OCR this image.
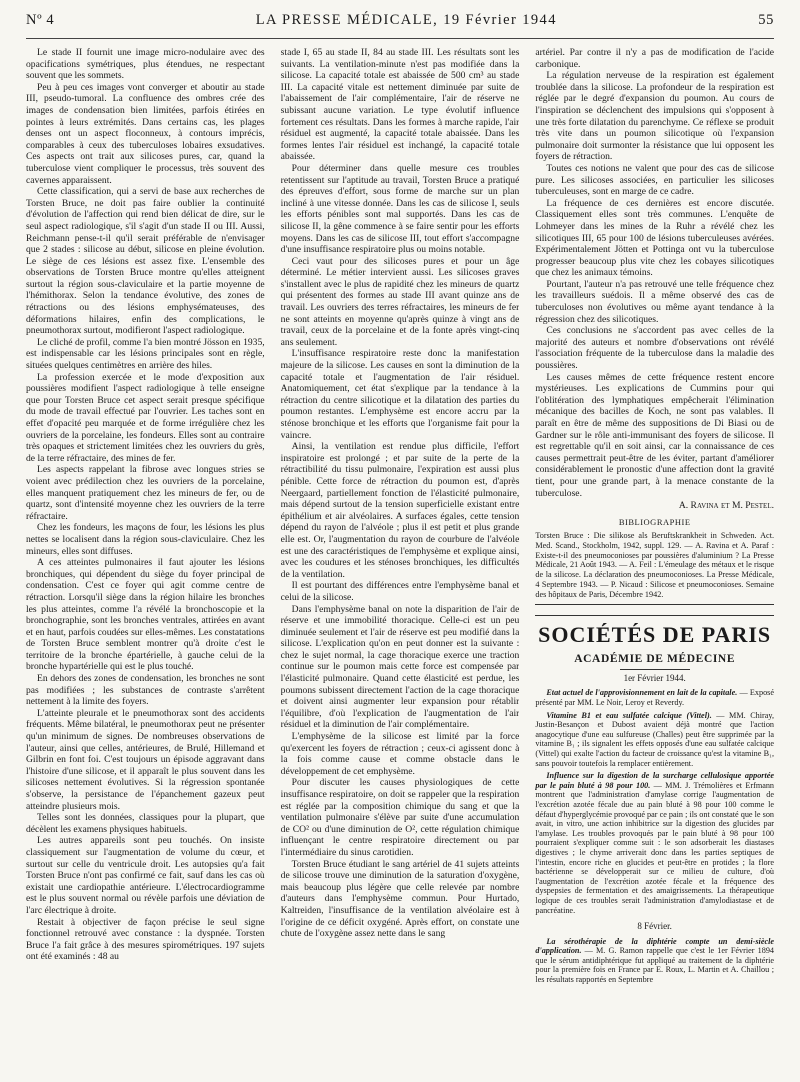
Nº 4	LA PRESSE MÉDICALE, 19 Février 1944	55

Le stade II fournit une image micro-nodulaire avec des opacifications symétriques, plus étendues, ne respectant souvent que les sommets.

Peu à peu ces images vont converger et aboutir au stade III, pseudo-tumoral. La confluence des ombres crée des images de condensation bien limitées, parfois étirées en pointes à leurs extrémités. Dans certains cas, les plages denses ont un aspect floconneux, à contours imprécis, comparables à ceux des tuberculoses lobaires exsudatives. Ces aspects ont trait aux silicoses pures, car, quand la tuberculose vient compliquer le processus, très souvent des cavernes apparaissent.

Cette classification, qui a servi de base aux recherches de Torsten Bruce, ne doit pas faire oublier la continuité d'évolution de l'affection qui rend bien délicat de dire, sur le seul aspect radiologique, s'il s'agit d'un stade II ou III. Aussi, Reichmann pense-t-il qu'il serait préférable de n'envisager que 2 stades : silicose au début, silicose en pleine évolution. Le siège de ces lésions est assez fixe. L'ensemble des observations de Torsten Bruce montre qu'elles atteignent surtout la région sous-claviculaire et la partie moyenne de l'hémithorax. Selon la tendance évolutive, des zones de rétractions ou des lésions emphysémateuses, des déformations hilaires, enfin des complications, le pneumothorax surtout, modifieront l'aspect radiologique.

Le cliché de profil, comme l'a bien montré Jösson en 1935, est indispensable car les lésions principales sont en règle, situées quelques centimètres en arrière des hiles.

La profession exercée et le mode d'exposition aux poussières modifient l'aspect radiologique à telle enseigne que pour Torsten Bruce cet aspect serait presque spécifique du mode de travail effectué par l'ouvrier. Les taches sont en effet d'opacité peu marquée et de forme irrégulière chez les ouvriers de la porcelaine, les fondeurs. Elles sont au contraire très opaques et strictement limitées chez les ouvriers du grès, de la terre réfractaire, des mines de fer.

Les aspects rappelant la fibrose avec longues stries se voient avec prédilection chez les ouvriers de la porcelaine, elles manquent pratiquement chez les mineurs de fer, ou de quartz, sont d'intensité moyenne chez les ouvriers de la terre réfractaire.

Chez les fondeurs, les maçons de four, les lésions les plus nettes se localisent dans la région sous-claviculaire. Chez les mineurs, elles sont diffuses.

A ces atteintes pulmonaires il faut ajouter les lésions bronchiques, qui dépendent du siège du foyer principal de condensation. C'est ce foyer qui agit comme centre de rétraction. Lorsqu'il siège dans la région hilaire les bronches les plus atteintes, comme l'a révélé la bronchoscopie et la bronchographie, sont les bronches ventrales, attirées en avant et en haut, parfois coudées sur elles-mêmes. Les constatations de Torsten Bruce semblent montrer qu'à droite c'est le territoire de la bronche épartérielle, à gauche celui de la bronche hypartérielle qui est le plus touché.

En dehors des zones de condensation, les bronches ne sont pas modifiées ; les substances de contraste s'arrêtent nettement à la limite des foyers.

L'atteinte pleurale et le pneumothorax sont des accidents fréquents. Même bilatéral, le pneumothorax peut ne présenter qu'un minimum de signes. De nombreuses observations de l'auteur, ainsi que celles, antérieures, de Brulé, Hillemand et Gilbrin en font foi. C'est toujours un épisode aggravant dans l'histoire d'une silicose, et il apparaît le plus souvent dans les silicoses nettement évolutives. Si la régression spontanée s'observe, la persistance de l'épanchement gazeux peut atteindre plusieurs mois.

Telles sont les données, classiques pour la plupart, que décèlent les examens physiques habituels.

Les autres appareils sont peu touchés. On insiste classiquement sur l'augmentation de volume du cœur, et surtout sur celle du ventricule droit. Les autopsies qu'a fait Torsten Bruce n'ont pas confirmé ce fait, sauf dans les cas où existait une cardiopathie antérieure. L'électrocardiogramme est le plus souvent normal ou révèle parfois une déviation de l'arc électrique à droite.

Restait à objectiver de façon précise le seul signe fonctionnel retrouvé avec constance : la dyspnée. Torsten Bruce l'a fait grâce à des mesures spirométriques. 197 sujets ont été examinés : 48 au

stade I, 65 au stade II, 84 au stade III. Les résultats sont les suivants. La ventilation-minute n'est pas modifiée dans la silicose. La capacité totale est abaissée de 500 cm³ au stade III. La capacité vitale est nettement diminuée par suite de l'abaissement de l'air complémentaire, l'air de réserve ne subissant aucune variation. Le type évolutif influence fortement ces résultats. Dans les formes à marche rapide, l'air résiduel est augmenté, la capacité totale abaissée. Dans les formes lentes l'air résiduel est inchangé, la capacité totale abaissée.

Pour déterminer dans quelle mesure ces troubles retentissent sur l'aptitude au travail, Torsten Bruce a pratiqué des épreuves d'effort, sous forme de marche sur un plan incliné à une vitesse donnée. Dans les cas de silicose I, seuls les efforts pénibles sont mal supportés. Dans les cas de silicose II, la gêne commence à se faire sentir pour les efforts moyens. Dans les cas de silicose III, tout effort s'accompagne d'une insuffisance respiratoire plus ou moins notable.

Ceci vaut pour des silicoses pures et pour un âge déterminé. Le métier intervient aussi. Les silicoses graves s'installent avec le plus de rapidité chez les mineurs de quartz qui présentent des formes au stade III avant quinze ans de travail. Les ouvriers des terres réfractaires, les mineurs de fer ne sont atteints en moyenne qu'après quinze à vingt ans de travail, ceux de la porcelaine et de la fonte après vingt-cinq ans seulement.

L'insuffisance respiratoire reste donc la manifestation majeure de la silicose. Les causes en sont la diminution de la capacité totale et l'augmentation de l'air résiduel. Anatomiquement, cet état s'explique par la tendance à la rétraction du centre silicotique et la dilatation des parties du poumon restantes. L'emphysème est encore accru par la sténose bronchique et les efforts que l'organisme fait pour la vaincre.

Ainsi, la ventilation est rendue plus difficile, l'effort inspiratoire est prolongé ; et par suite de la perte de la rétractibilité du tissu pulmonaire, l'expiration est aussi plus pénible. Cette force de rétraction du poumon est, d'après Neergaard, partiellement fonction de l'élasticité pulmonaire, mais dépend surtout de la tension superficielle existant entre épithélium et air alvéolaires. A surfaces égales, cette tension dépend du rayon de l'alvéole ; plus il est petit et plus grande elle est. Or, l'augmentation du rayon de courbure de l'alvéole est une des caractéristiques de l'emphysème et explique ainsi, avec les coudures et les sténoses bronchiques, les difficultés de la ventilation.

Il est pourtant des différences entre l'emphysème banal et celui de la silicose.

Dans l'emphysème banal on note la disparition de l'air de réserve et une immobilité thoracique. Celle-ci est un peu diminuée seulement et l'air de réserve est peu modifié dans la silicose. L'explication qu'on en peut donner est la suivante : chez le sujet normal, la cage thoracique exerce une traction continue sur le poumon mais cette force est compensée par l'élasticité pulmonaire. Quand cette élasticité est perdue, les poumons subissent directement l'action de la cage thoracique et doivent ainsi augmenter leur expansion pour rétablir l'équilibre, d'où l'explication de l'augmentation de l'air résiduel et la diminution de l'air complémentaire.

L'emphysème de la silicose est limité par la force qu'exercent les foyers de rétraction ; ceux-ci agissent donc à la fois comme cause et comme obstacle dans le développement de cet emphysème.

Pour discuter les causes physiologiques de cette insuffisance respiratoire, on doit se rappeler que la respiration est réglée par la composition chimique du sang et que la ventilation pulmonaire s'élève par suite d'une accumulation de CO² ou d'une diminution de O², cette régulation chimique influençant le centre respiratoire directement ou par l'intermédiaire du sinus carotidien.

Torsten Bruce étudiant le sang artériel de 41 sujets atteints de silicose trouve une diminution de la saturation d'oxygène, mais beaucoup plus légère que celle relevée par nombre d'auteurs dans l'emphysème commun. Pour Hurtado, Kaltreiden, l'insuffisance de la ventilation alvéolaire est à l'origine de ce déficit oxygéné. Après effort, on constate une chute de l'oxygène assez nette dans le sang

artériel. Par contre il n'y a pas de modification de l'acide carbonique.

La régulation nerveuse de la respiration est également troublée dans la silicose. La profondeur de la respiration est réglée par le degré d'expansion du poumon. Au cours de l'inspiration se déclenchent des impulsions qui s'opposent à une très forte dilatation du parenchyme. Ce réflexe se produit très vite dans un poumon silicotique où l'expansion pulmonaire doit surmonter la résistance que lui opposent les foyers de rétraction.

Toutes ces notions ne valent que pour des cas de silicose pure. Les silicoses associées, en particulier les silicoses tuberculeuses, sont en marge de ce cadre.

La fréquence de ces dernières est encore discutée. Classiquement elles sont très communes. L'enquête de Lohmeyer dans les mines de la Ruhr a révélé chez les silicotiques III, 65 pour 100 de lésions tuberculeuses avérées. Expérimentalement Jötten et Pottinga ont vu la tuberculose progresser beaucoup plus vite chez les cobayes silicotiques que chez les animaux témoins.

Pourtant, l'auteur n'a pas retrouvé une telle fréquence chez les travailleurs suédois. Il a même observé des cas de tuberculoses non évolutives ou même ayant tendance à la régression chez des silicotiques.

Ces conclusions ne s'accordent pas avec celles de la majorité des auteurs et nombre d'observations ont révélé l'association fréquente de la tuberculose dans la maladie des poussières.

Les causes mêmes de cette fréquence restent encore mystérieuses. Les explications de Cummins pour qui l'oblitération des lymphatiques empêcherait l'élimination mécanique des bacilles de Koch, ne sont pas valables. Il paraît en être de même des suppositions de Di Biasi ou de Gardner sur le rôle anti-immunisant des foyers de silicose. Il est regrettable qu'il en soit ainsi, car la connaissance de ces causes permettrait peut-être de les éviter, partant d'améliorer considérablement le pronostic d'une affection dont la gravité tient, pour une grande part, à la menace constante de la tuberculose.

A. Ravina et M. Pestel.

BIBLIOGRAPHIE

Torsten Bruce : Die silikose als Beruftskrankheit in Schweden. Act. Med. Scand., Stockholm, 1942, suppl. 129. — A. Ravina et A. Paraf : Existe-t-il des pneumoconioses par poussières d'aluminium ? La Presse Médicale, 21 Août 1943. — A. Feil : L'émeulage des métaux et le risque de la silicose. La déclaration des pneumoconioses. La Presse Médicale, 4 Septembre 1943. — P. Nicaud : Silicose et pneumoconioses. Semaine des hôpitaux de Paris, Décembre 1942.

SOCIÉTÉS DE PARIS
ACADÉMIE DE MÉDECINE
1er Février 1944.

Etat actuel de l'approvisionnement en lait de la capitale. — Exposé présenté par MM. Le Noir, Leroy et Reverdy.

Vitamine B1 et eau sulfatée calcique (Vittel). — MM. Chiray, Justin-Besançon et Dubost avaient déjà montré que l'action anagocytique d'une eau sulfureuse (Challes) peut être supprimée par la vitamine B₁ ; ils signalent les effets opposés d'une eau sulfatée calcique (Vittel) qui exalte l'action du facteur de croissance qu'est la vitamine B₁, sans pouvoir toutefois la remplacer entièrement.

Influence sur la digestion de la surcharge cellulosique apportée par le pain bluté à 98 pour 100. — MM. J. Trémolières et Erfmann montrent que l'administration d'amylase corrige l'augmentation de l'excrétion azotée fécale due au pain bluté à 98 pour 100 comme le défaut d'hyperglycémie provoqué par ce pain ; ils ont constaté que le son avait, in vitro, une action inhibitrice sur la digestion des glucides par l'amylase. Les troubles provoqués par le pain bluté à 98 pour 100 pourraient s'expliquer comme suit : le son adsorberait les diastases digestives ; le chyme arriverait donc dans les parties septiques de l'intestin, encore riche en glucides et peut-être en protides ; la flore bactérienne se développerait sur ce milieu de culture, d'où l'augmentation de l'excrétion azotée fécale et la fréquence des dyspepsies de fermentation et des amaigrissements. La thérapeutique logique de ces troubles serait l'administration d'amylodiastase et de pancréatine.

8 Février.

La sérothérapie de la diphtérie compte un demi-siècle d'application. — M. G. Ramon rappelle que c'est le 1er Février 1894 que le sérum antidiphtérique fut appliqué au traitement de la diphtérie pour la première fois en France par E. Roux, L. Martin et A. Chaillou ; les résultats rapportés en Septembre
